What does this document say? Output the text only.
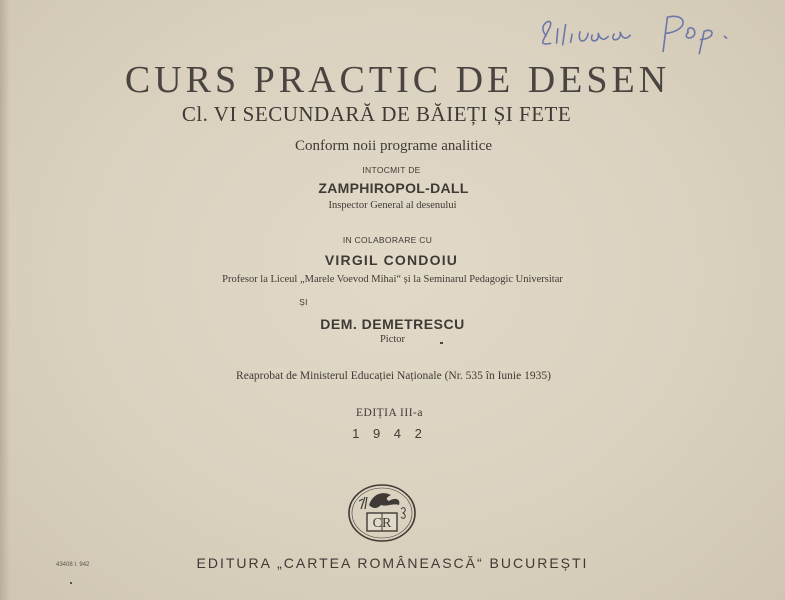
CURS PRACTIC DE DESEN
Cl. VI SECUNDARĂ DE BĂIEȚI ȘI FETE
Conform noii programe analitice
INTOCMIT DE
ZAMPHIROPOL-DALL
Inspector General al desenului
IN COLABORARE CU
VIRGIL CONDOIU
Profesor la Liceul „Marele Voevod Mihai“ și la Seminarul Pedagogic Universitar
ȘI
DEM. DEMETRESCU
Pictor
Reaprobat de Ministerul Educației Naționale (Nr. 535 în Iunie 1935)
EDIȚIA III-a
1 9 4 2
CR
EDITURA „CARTEA ROMÂNEASCĂ“ BUCUREȘTI
43408 I. 942
